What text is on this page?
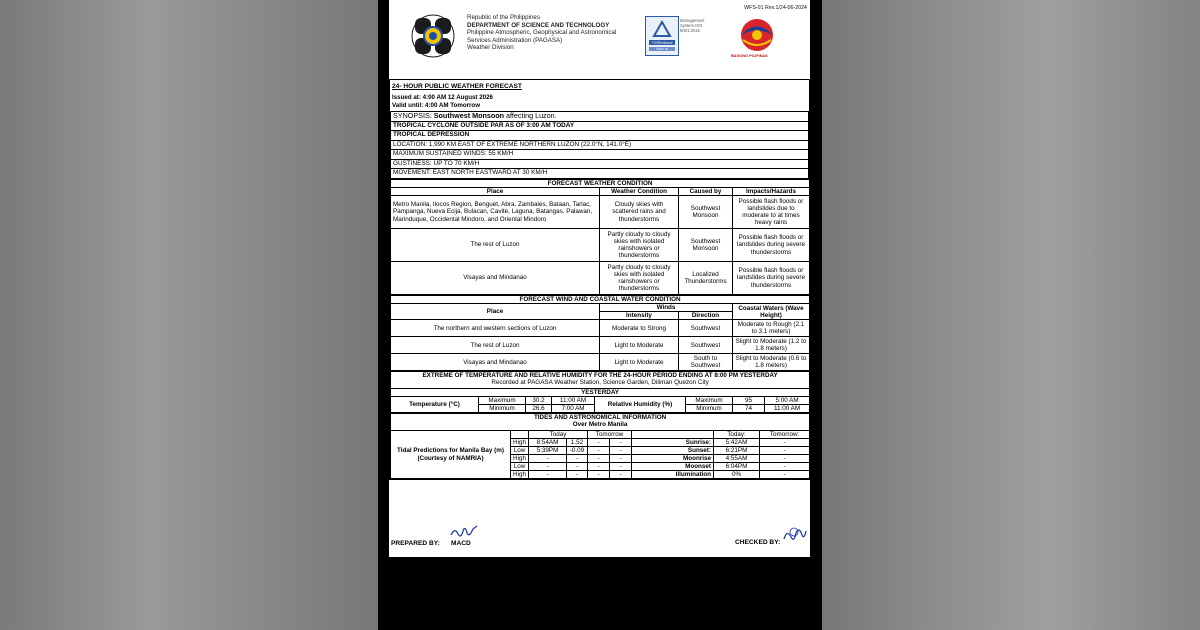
Republic of the Philippines
DEPARTMENT OF SCIENCE AND TECHNOLOGY
Philippine Atmospheric, Geophysical and Astronomical
Services Administration (PAGASA)
Weather Division
TÜVRheinland
CERT ID
Management System ISO 9001:2015
BAGONG PILIPINAS
WFS-01 Rev.1/24-06-2024
24- HOUR PUBLIC WEATHER FORECAST
Issued at: 4:00 AM 12 August 2026
Valid until: 4:00 AM Tomorrow
SYNOPSIS: Southwest Monsoon affecting Luzon.
TROPICAL CYCLONE OUTSIDE PAR AS OF 3:00 AM TODAY
TROPICAL DEPRESSION
LOCATION: 1,990 KM EAST OF EXTREME NORTHERN LUZON (22.0°N, 141.0°E)
MAXIMUM SUSTAINED WINDS: 55 KM/H
GUSTINESS: UP TO 70 KM/H
MOVEMENT: EAST NORTH EASTWARD AT 30 KM/H
FORECAST WEATHER CONDITION			
Place	Weather Condition	Caused by	Impacts/Hazards
Metro Manila, Ilocos Region, Benguet, Abra, Zambales, Bataan, Tarlac, Pampanga, Nueva Ecija, Bulacan, Cavite, Laguna, Batangas, Palawan, Marinduque, Occidental Mindoro, and Oriental Mindoro	Cloudy skies with scattered rains and thunderstorms	Southwest Monsoon	Possible flash floods or landslides due to moderate to at times heavy rains
The rest of Luzon	Partly cloudy to cloudy skies with isolated rainshowers or thunderstorms	Southwest Monsoon	Possible flash floods or landslides during severe thunderstorms
Visayas and Mindanao	Partly cloudy to cloudy skies with isolated rainshowers or thunderstorms	Localized Thunderstorms	Possible flash floods or landslides during severe thunderstorms
FORECAST WIND AND COASTAL WATER CONDITION			
Place	Winds		Coastal Waters (Wave Height)
	Intensity	Direction	
The northern and western sections of Luzon	Moderate to Strong	Southwest	Moderate to Rough (2.1 to 3.1 meters)
The rest of Luzon	Light to Moderate	Southwest	Slight to Moderate (1.2 to 1.8 meters)
Visayas and Mindanao	Light to Moderate	South to Southwest	Slight to Moderate (0.6 to 1.8 meters)
EXTREME OF TEMPERATURE AND RELATIVE HUMIDITY FOR THE 24-HOUR PERIOD ENDING AT 8:00 PM YESTERDAY
Recorded at PAGASA Weather Station, Science Garden, Diliman Quezon City							

YESTERDAY							
Temperature (°C)	Maximum	30.2	11:00 AM	Relative Humidity (%)	Maximum	95	5:00 AM
	Minimum	26.6	7:00 AM		Minimum	74	11:00 AM
TIDES AND ASTRONOMICAL INFORMATION
Over Metro Manila								

Tidal Predictions for Manila Bay (m) (Courtesy of NAMRIA)		Today		Tomorrow			Today:	Tomorrow:
	High	8:54AM	1.52	-	-	Sunrise:	5:42AM	-
	Low	5:39PM	-0.09	-	-	Sunset:	6:21PM	-
	High	-	-	-	-	Moonrise	4:55AM	-
	Low	-	-	-	-	Moonset	6:04PM	-
	High	-	-	-	-	Illumination	0%	-
PREPARED BY: MACD	CHECKED BY:
